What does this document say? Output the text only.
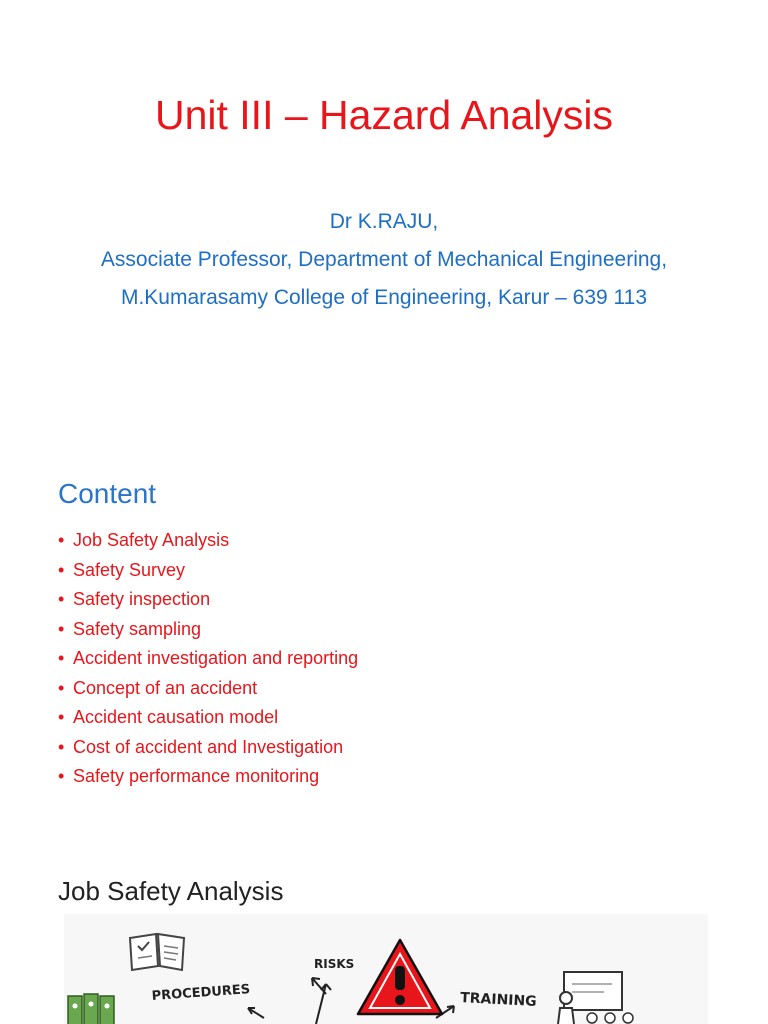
Unit III – Hazard Analysis
Dr K.RAJU,
Associate Professor, Department of Mechanical Engineering,
M.Kumarasamy College of Engineering, Karur – 639 113
Content
• Job Safety Analysis
• Safety Survey
• Safety inspection
• Safety sampling
• Accident investigation and reporting
• Concept of an accident
• Accident causation model
• Cost of accident and Investigation
• Safety performance monitoring
Job Safety Analysis
PROCEDURES
RISKS
TRAINING
